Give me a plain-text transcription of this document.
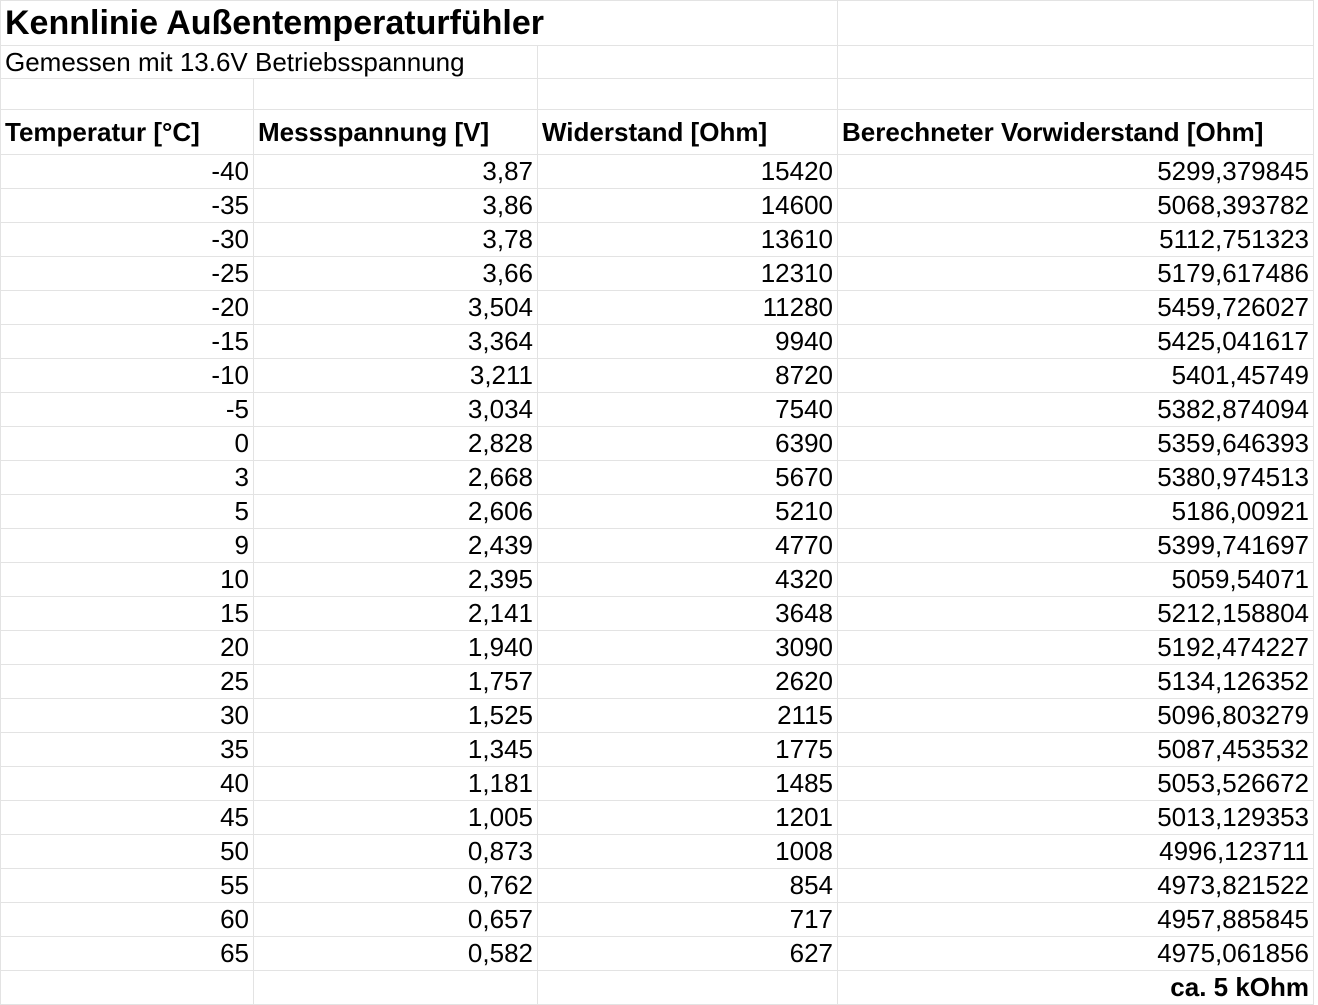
Kennlinie Außentemperaturfühler			
Gemessen mit 13.6V Betriebsspannung			

Temperatur [°C]	Messspannung [V]	Widerstand [Ohm]	Berechneter Vorwiderstand [Ohm]
-40	3,87	15420	5299,379845
-35	3,86	14600	5068,393782
-30	3,78	13610	5112,751323
-25	3,66	12310	5179,617486
-20	3,504	11280	5459,726027
-15	3,364	9940	5425,041617
-10	3,211	8720	5401,45749
-5	3,034	7540	5382,874094
0	2,828	6390	5359,646393
3	2,668	5670	5380,974513
5	2,606	5210	5186,00921
9	2,439	4770	5399,741697
10	2,395	4320	5059,54071
15	2,141	3648	5212,158804
20	1,940	3090	5192,474227
25	1,757	2620	5134,126352
30	1,525	2115	5096,803279
35	1,345	1775	5087,453532
40	1,181	1485	5053,526672
45	1,005	1201	5013,129353
50	0,873	1008	4996,123711
55	0,762	854	4973,821522
60	0,657	717	4957,885845
65	0,582	627	4975,061856
			ca. 5 kOhm
